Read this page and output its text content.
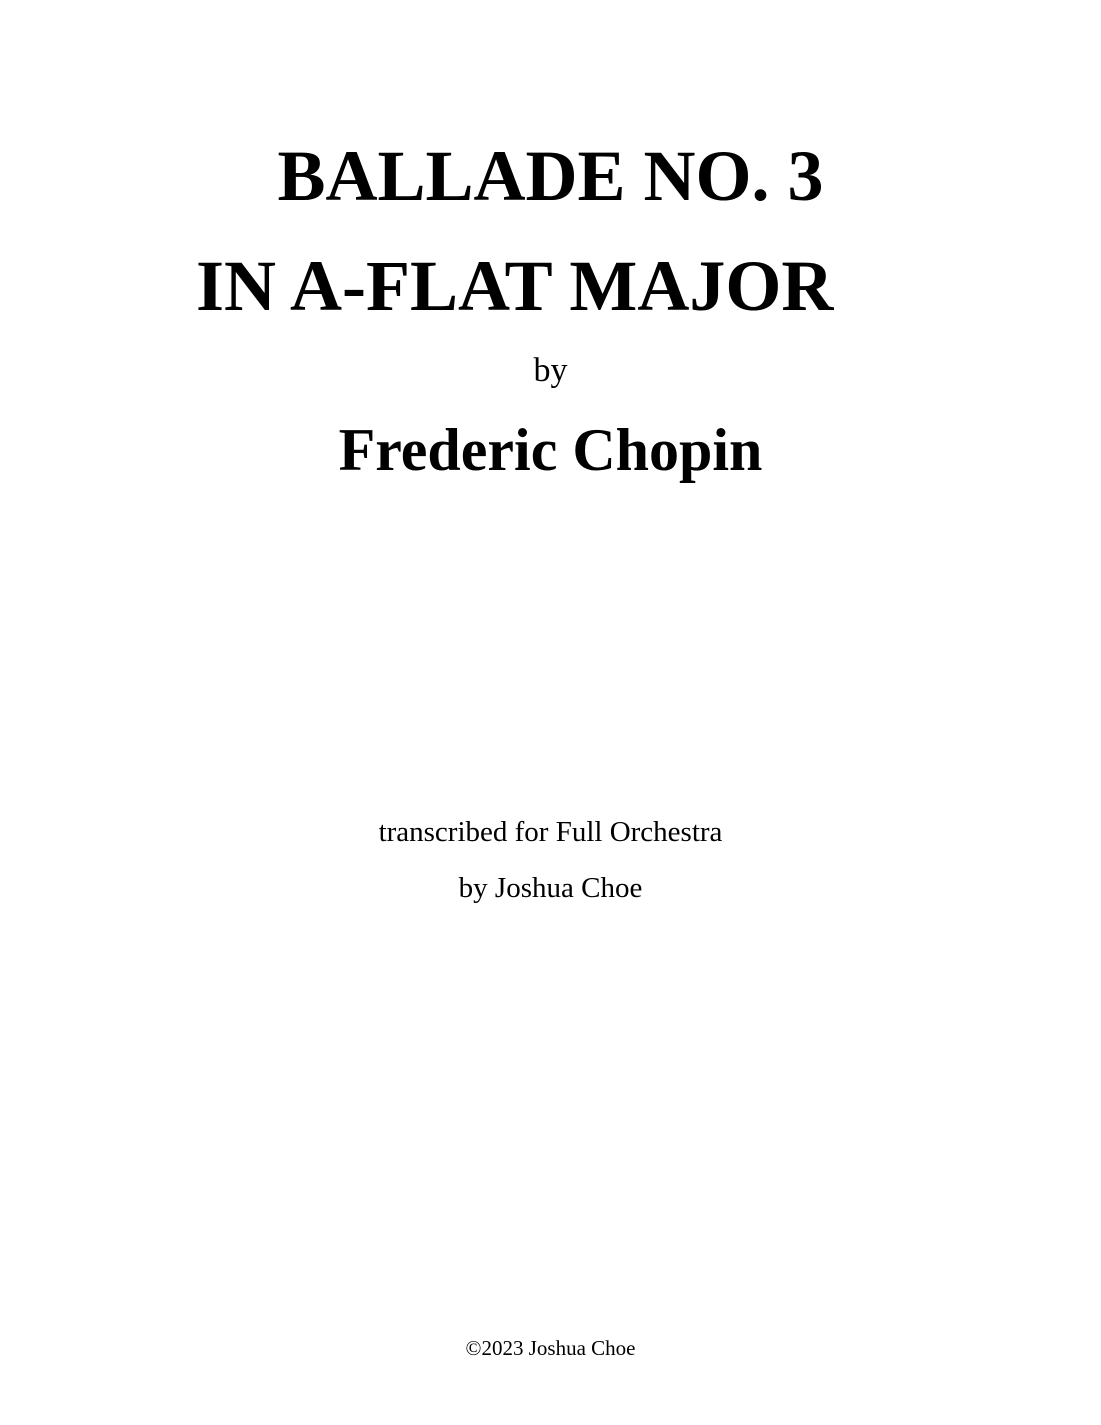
BALLADE NO. 3
IN A-FLAT MAJOR
by
Frederic Chopin
transcribed for Full Orchestra
by Joshua Choe
©2023 Joshua Choe
